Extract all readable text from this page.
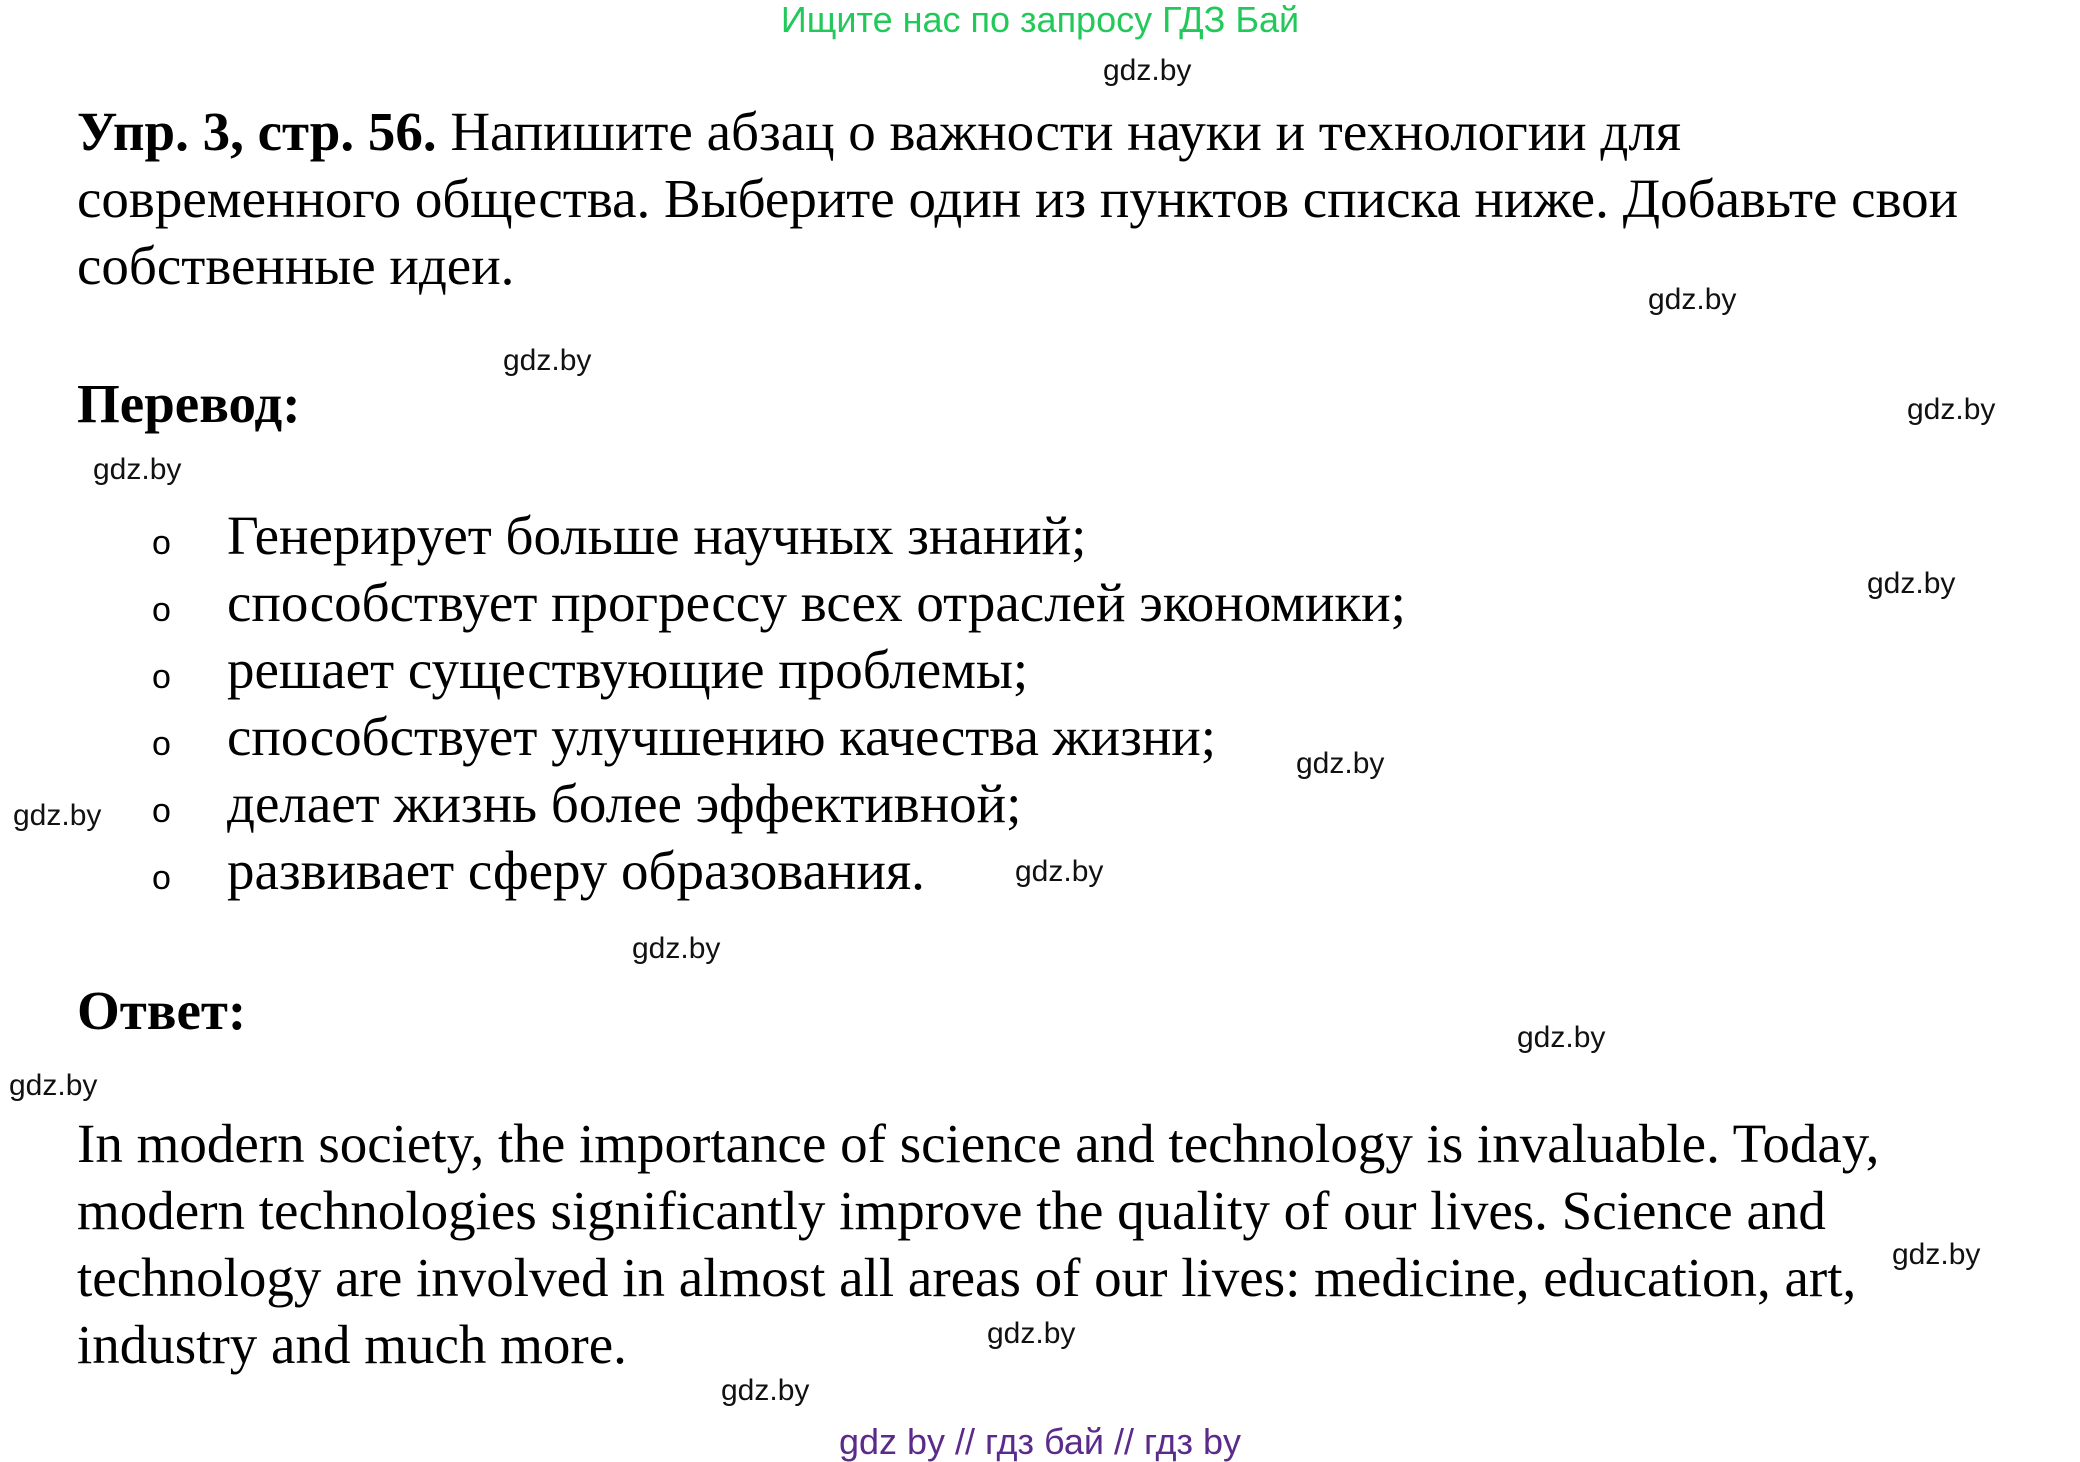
Ищите нас по запросу ГДЗ Бай
Упр. 3, стр. 56. Напишите абзац о важности науки и технологии для современного общества. Выберите один из пунктов списка ниже. Добавьте свои собственные идеи.
Перевод:
o Генерирует больше научных знаний;
o способствует прогрессу всех отраслей экономики;
o решает существующие проблемы;
o способствует улучшению качества жизни;
o делает жизнь более эффективной;
o развивает сферу образования.
Ответ:
In modern society, the importance of science and technology is invaluable. Today, modern technologies significantly improve the quality of our lives. Science and technology are involved in almost all areas of our lives: medicine, education, art, industry and much more.
gdz.by
gdz.by
gdz.by
gdz.by
gdz.by
gdz.by
gdz.by
gdz.by
gdz.by
gdz.by
gdz.by
gdz.by
gdz.by
gdz.by
gdz.by
gdz by // гдз бай // гдз by
